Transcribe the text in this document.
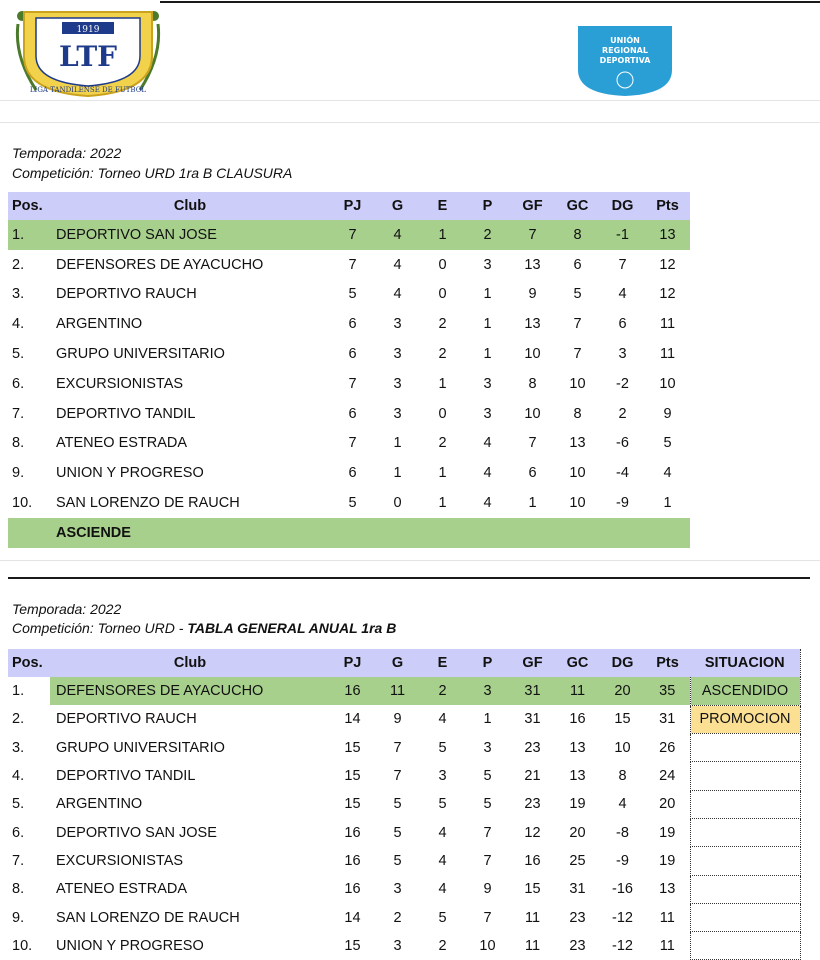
1919
LTF
LIGA TANDILENSE DE FUTBOL
UNIÓN
REGIONAL
DEPORTIVA
Temporada: 2022
Competición: Torneo URD 1ra B CLAUSURA
Pos.	Club	PJ	G	E	P	GF	GC	DG	Pts
1.	DEPORTIVO SAN JOSE	7	4	1	2	7	8	-1	13
2.	DEFENSORES DE AYACUCHO	7	4	0	3	13	6	7	12
3.	DEPORTIVO RAUCH	5	4	0	1	9	5	4	12
4.	ARGENTINO	6	3	2	1	13	7	6	11
5.	GRUPO UNIVERSITARIO	6	3	2	1	10	7	3	11
6.	EXCURSIONISTAS	7	3	1	3	8	10	-2	10
7.	DEPORTIVO TANDIL	6	3	0	3	10	8	2	9
8.	ATENEO ESTRADA	7	1	2	4	7	13	-6	5
9.	UNION Y PROGRESO	6	1	1	4	6	10	-4	4
10.	SAN LORENZO DE RAUCH	5	0	1	4	1	10	-9	1
	ASCIENDE								
Temporada: 2022
Competición: Torneo URD - TABLA GENERAL ANUAL 1ra B
Pos.	Club	PJ	G	E	P	GF	GC	DG	Pts	SITUACION
1.	DEFENSORES DE AYACUCHO	16	11	2	3	31	11	20	35	ASCENDIDO
2.	DEPORTIVO RAUCH	14	9	4	1	31	16	15	31	PROMOCION
3.	GRUPO UNIVERSITARIO	15	7	5	3	23	13	10	26	
4.	DEPORTIVO TANDIL	15	7	3	5	21	13	8	24	
5.	ARGENTINO	15	5	5	5	23	19	4	20	
6.	DEPORTIVO SAN JOSE	16	5	4	7	12	20	-8	19	
7.	EXCURSIONISTAS	16	5	4	7	16	25	-9	19	
8.	ATENEO ESTRADA	16	3	4	9	15	31	-16	13	
9.	SAN LORENZO DE RAUCH	14	2	5	7	11	23	-12	11	
10.	UNION Y PROGRESO	15	3	2	10	11	23	-12	11	
